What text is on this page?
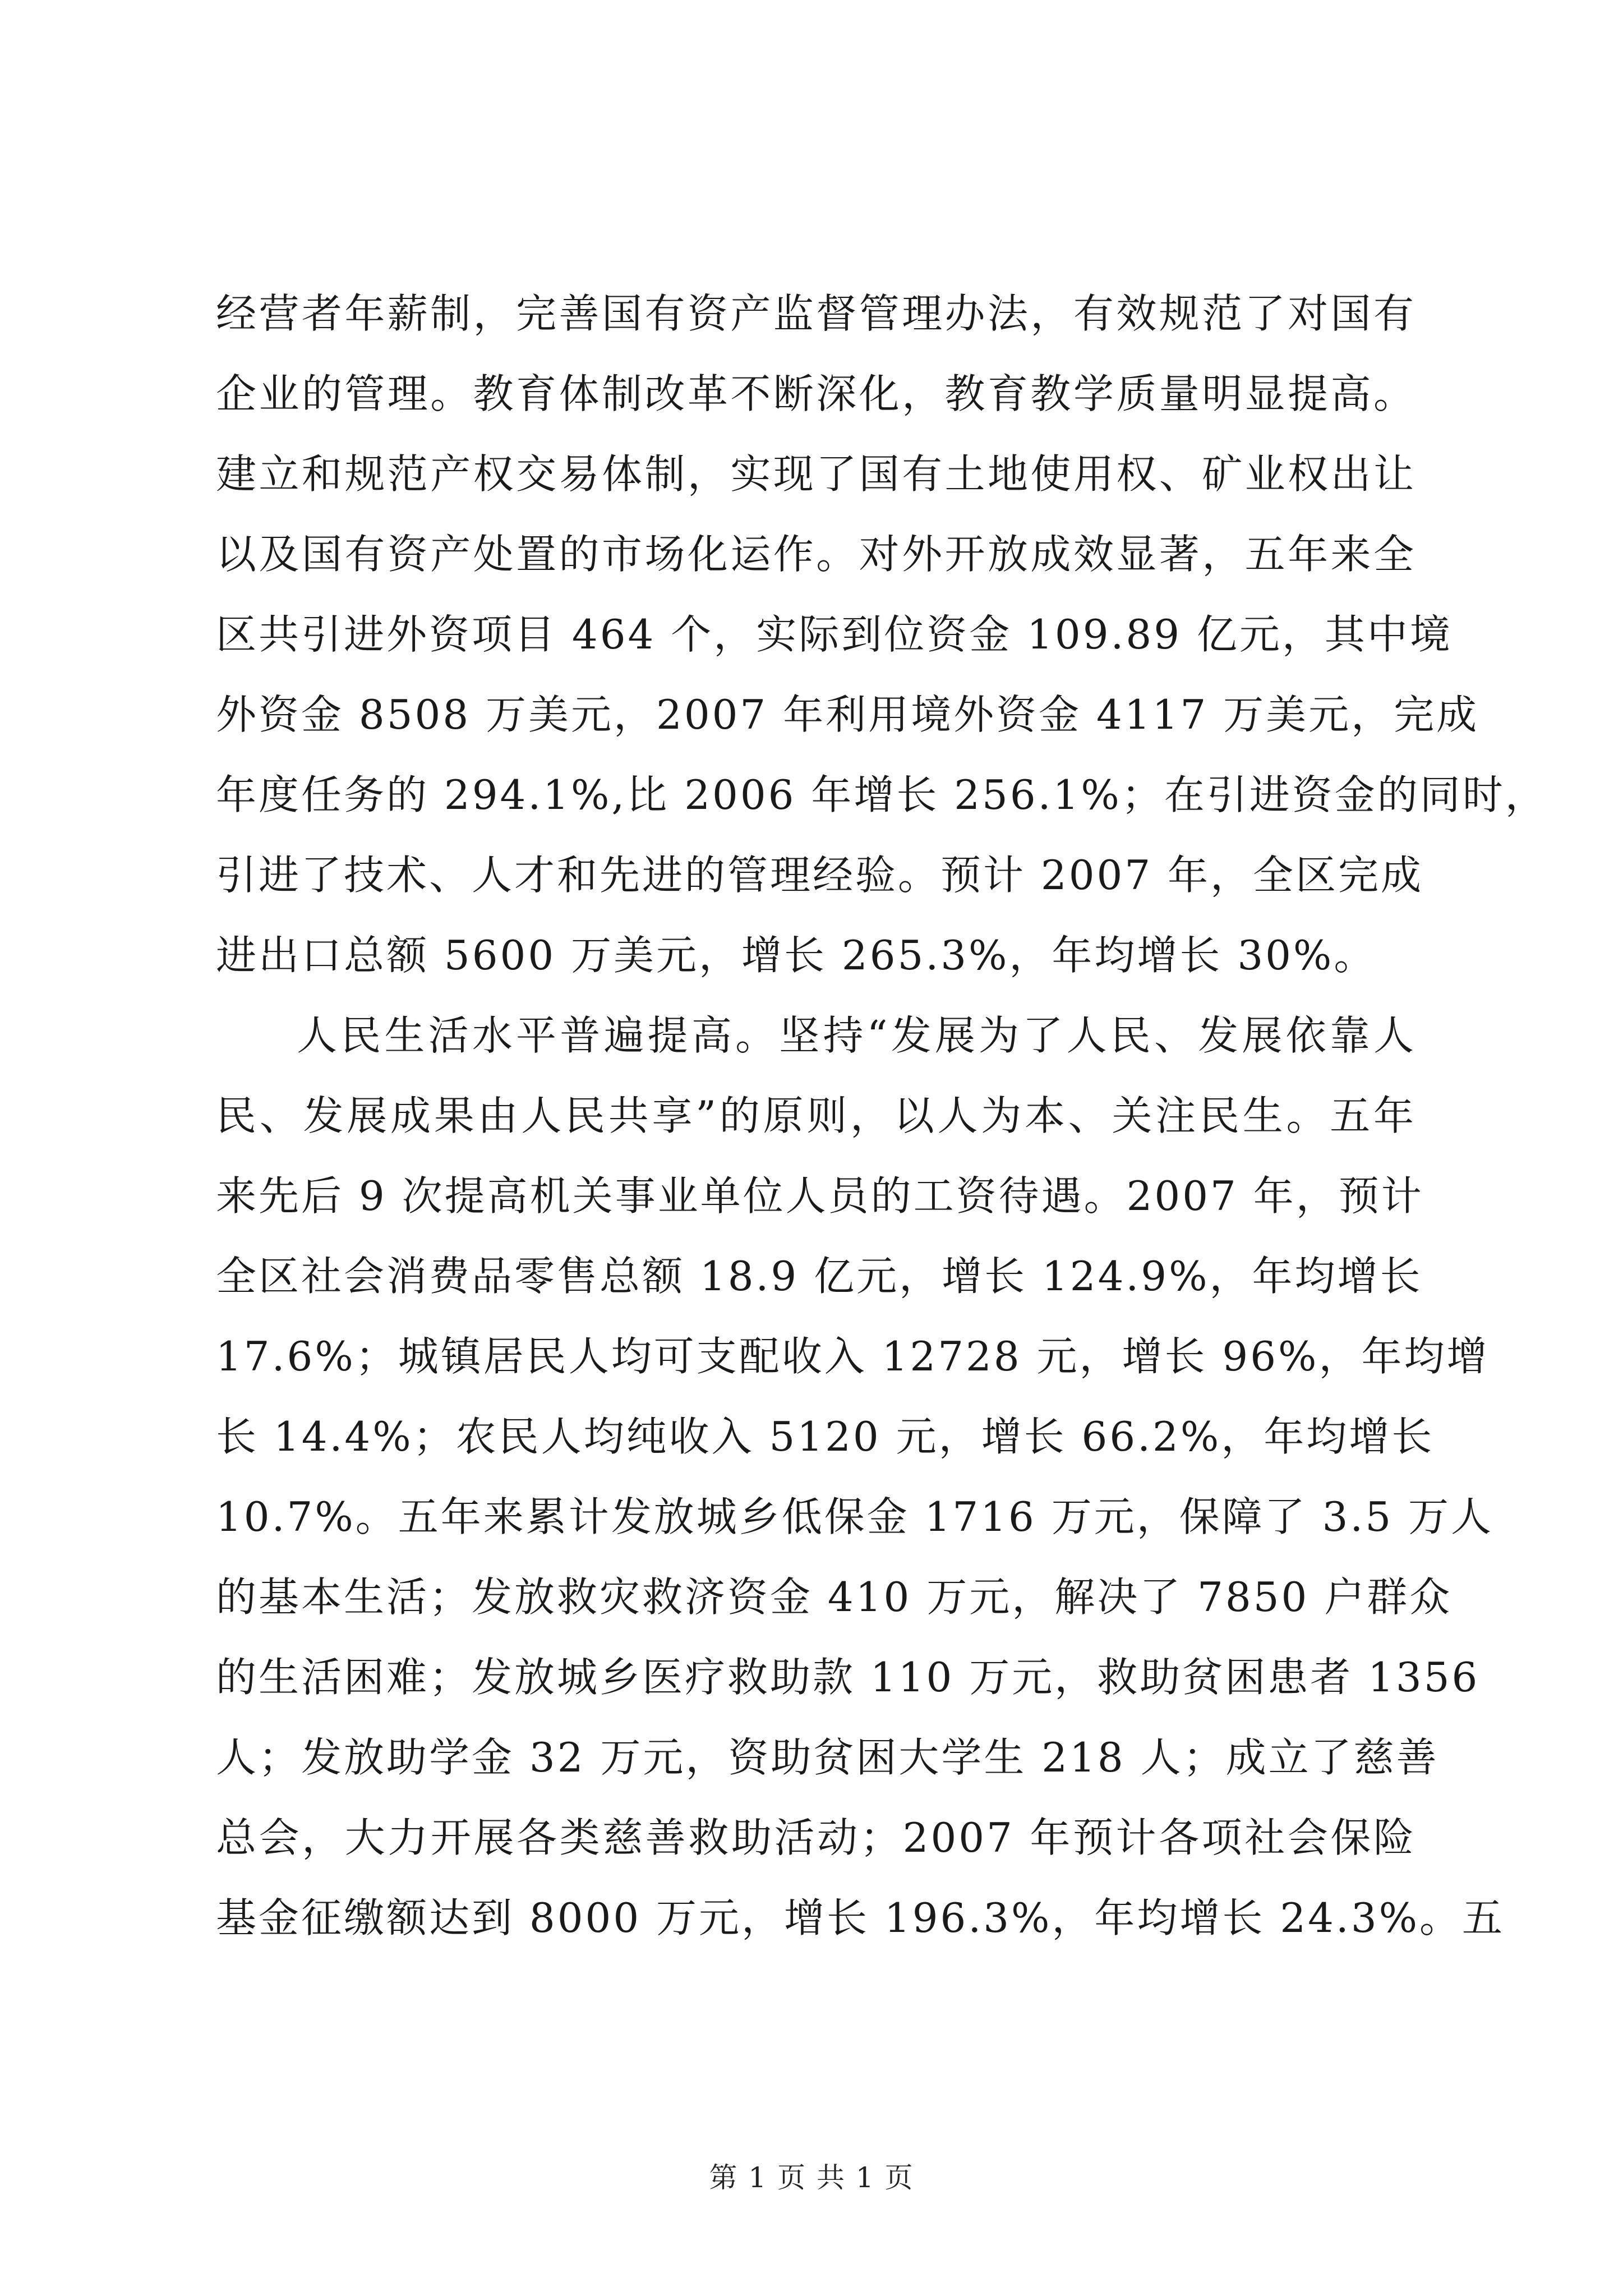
经营者年薪制，完善国有资产监督管理办法，有效规范了对国有
企业的管理。教育体制改革不断深化，教育教学质量明显提高。
建立和规范产权交易体制，实现了国有土地使用权、矿业权出让
以及国有资产处置的市场化运作。对外开放成效显著，五年来全
区共引进外资项目 464 个，实际到位资金 109.89 亿元，其中境
外资金 8508 万美元，2007 年利用境外资金 4117 万美元，完成
年度任务的 294.1%,比 2006 年增长 256.1%；在引进资金的同时，
引进了技术、人才和先进的管理经验。预计 2007 年，全区完成
进出口总额 5600 万美元，增长 265.3%，年均增长 30%。
人民生活水平普遍提高。坚持“发展为了人民、发展依靠人
民、发展成果由人民共享”的原则，以人为本、关注民生。五年
来先后 9 次提高机关事业单位人员的工资待遇。2007 年，预计
全区社会消费品零售总额 18.9 亿元，增长 124.9%，年均增长
17.6%；城镇居民人均可支配收入 12728 元，增长 96%，年均增
长 14.4%；农民人均纯收入 5120 元，增长 66.2%，年均增长
10.7%。五年来累计发放城乡低保金 1716 万元，保障了 3.5 万人
的基本生活；发放救灾救济资金 410 万元，解决了 7850 户群众
的生活困难；发放城乡医疗救助款 110 万元，救助贫困患者 1356
人；发放助学金 32 万元，资助贫困大学生 218 人；成立了慈善
总会，大力开展各类慈善救助活动；2007 年预计各项社会保险
基金征缴额达到 8000 万元，增长 196.3%，年均增长 24.3%。五
第 1 页 共 1 页
